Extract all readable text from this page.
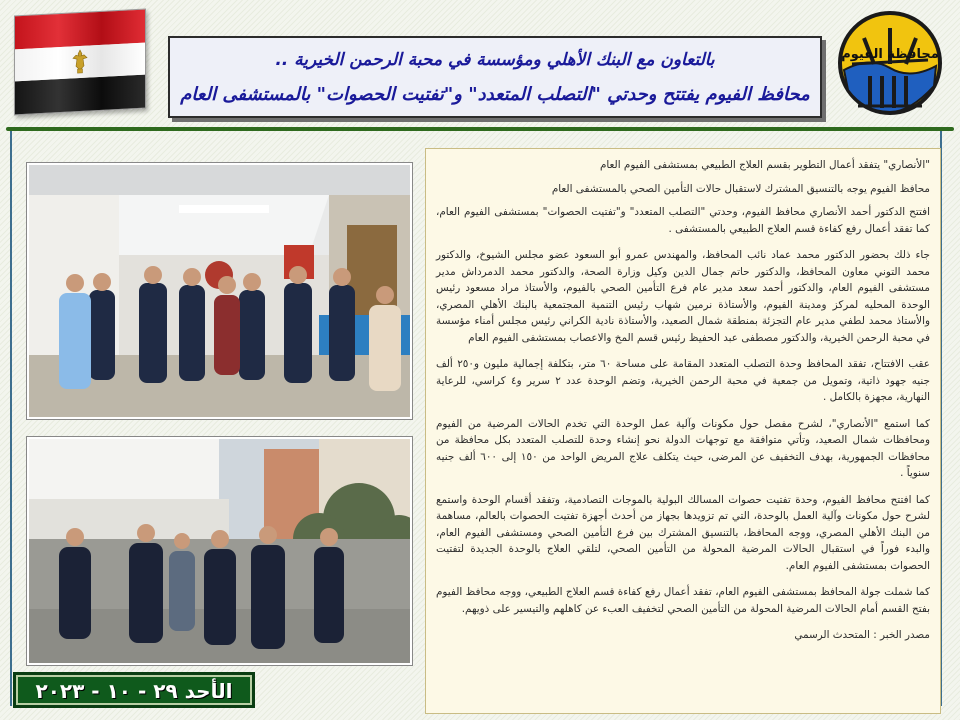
محافظة الفيوم
بالتعاون مع البنك الأهلي ومؤسسة في محبة الرحمن الخيرية ..
محافظ الفيوم يفتتح وحدتي "التصلب المتعدد" و"تفتيت الحصوات" بالمستشفى العام
الأحد ٢٩ - ١٠ - ٢٠٢٣

"الأنصاري" يتفقد أعمال التطوير بقسم العلاج الطبيعي بمستشفى الفيوم العام

محافظ الفيوم يوجه بالتنسيق المشترك لاستقبال حالات التأمين الصحي بالمستشفى العام

افتتح الدكتور أحمد الأنصاري محافظ الفيوم، وحدتي "التصلب المتعدد" و"تفتيت الحصوات" بمستشفى الفيوم العام، كما تفقد أعمال رفع كفاءة قسم العلاج الطبيعي بالمستشفى .

جاء ذلك بحضور الدكتور محمد عماد نائب المحافظ، والمهندس عمرو أبو السعود عضو مجلس الشيوخ، والدكتور محمد التوني معاون المحافظ، والدكتور حاتم جمال الدين وكيل وزارة الصحة، والدكتور محمد الدمرداش مدير مستشفى الفيوم العام، والدكتور أحمد سعد مدير عام فرع التأمين الصحي بالفيوم، والأستاذ مراد مسعود رئيس الوحدة المحليه لمركز ومدينة الفيوم، والأستاذة نرمين شهاب رئيس التنمية المجتمعية بالبنك الأهلي المصري، والأستاذ محمد لطفي مدير عام التجزئة بمنطقة شمال الصعيد، والأستاذة نادية الكراني رئيس مجلس أمناء مؤسسة في محبة الرحمن الخيرية، والدكتور مصطفى عبد الحفيظ رئيس قسم المخ والاعصاب بمستشفى الفيوم العام

عقب الافتتاح، تفقد المحافظ وحدة التصلب المتعدد المقامة على مساحة ٦٠ متر، بتكلفة إجمالية مليون و٢٥٠ ألف جنيه جهود ذاتية، وتمويل من جمعية في محبة الرحمن الخيرية، وتضم الوحدة عدد ٢ سرير و٤ كراسي، للرعاية النهارية، مجهزة بالكامل .

كما استمع "الأنصاري"، لشرح مفصل حول مكونات وآلية عمل الوحدة التي تخدم الحالات المرضية من الفيوم ومحافظات شمال الصعيد، وتأتي متوافقة مع توجهات الدولة نحو إنشاء وحدة للتصلب المتعدد بكل محافظة من محافظات الجمهورية، بهدف التخفيف عن المرضى، حيث يتكلف علاج المريض الواحد من ١٥٠ إلى ٦٠٠ ألف جنيه سنوياً .

كما افتتح محافظ الفيوم، وحدة تفتيت حصوات المسالك البولية بالموجات التصادمية، وتفقد أقسام الوحدة واستمع لشرح حول مكونات وآلية العمل بالوحدة، التي تم تزويدها بجهاز من أحدث أجهزة تفتيت الحصوات بالعالم، مساهمة من البنك الأهلي المصري، ووجه المحافظ، بالتنسيق المشترك بين فرع التأمين الصحي ومستشفى الفيوم العام، والبدء فوراً في استقبال الحالات المرضية المحولة من التأمين الصحي، لتلقي العلاج بالوحدة الجديدة لتفتيت الحصوات بمستشفى الفيوم العام.

كما شملت جولة المحافظ بمستشفى الفيوم العام، تفقد أعمال رفع كفاءة قسم العلاج الطبيعي، ووجه محافظ الفيوم بفتح القسم أمام الحالات المرضية المحولة من التأمين الصحي لتخفيف العبء عن كاهلهم والتيسير على ذويهم.

مصدر الخبر : المتحدث الرسمي
